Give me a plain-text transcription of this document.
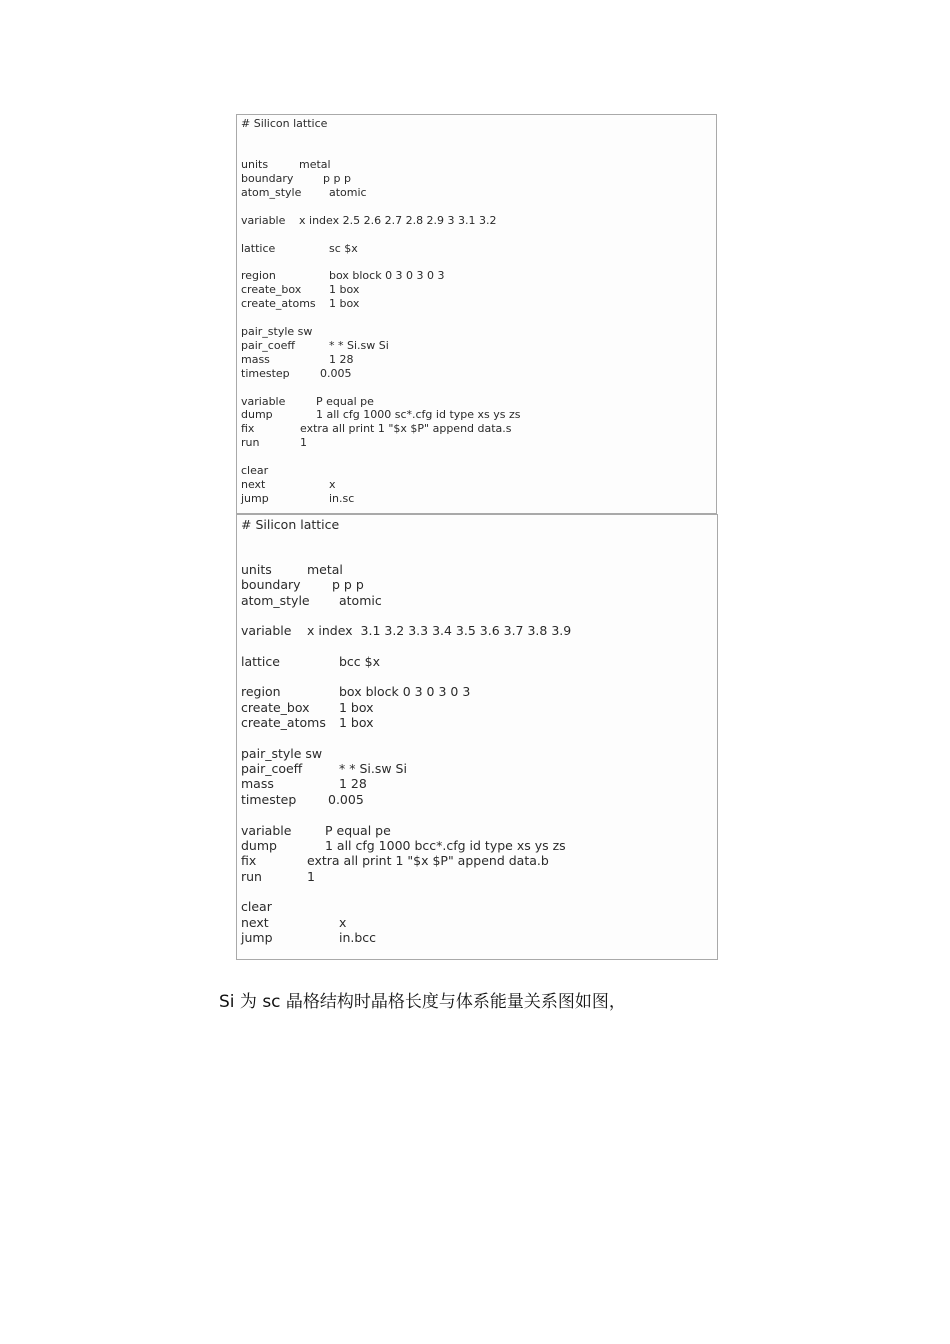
# Silicon lattice
units	metal
boundary	p p p
atom_style	atomic
variable x index 2.5 2.6 2.7 2.8 2.9 3 3.1 3.2
lattice	sc $x
region	box block 0 3 0 3 0 3
create_box	1 box
create_atoms 1 box
pair_style sw
pair_coeff	* * Si.sw Si
mass	1 28
timestep	0.005
variable	P equal pe
dump	1 all cfg 1000 sc*.cfg id type xs ys zs
fix	extra all print 1 "$x $P" append data.s
run	1
clear
next	x
jump	in.sc
# Silicon lattice
units	metal
boundary	p p p
atom_style atomic
variable x index  3.1 3.2 3.3 3.4 3.5 3.6 3.7 3.8 3.9
lattice	bcc $x
region	box block 0 3 0 3 0 3
create_box 1 box
create_atoms 1 box
pair_style sw
pair_coeff	* * Si.sw Si
mass	1 28
timestep	0.005
variable	P equal pe
dump	1 all cfg 1000 bcc*.cfg id type xs ys zs
fix	extra all print 1 "$x $P" append data.b
run	1
clear
next	x
jump	in.bcc
Si 为 sc 晶格结构时晶格长度与体系能量关系图如图，
